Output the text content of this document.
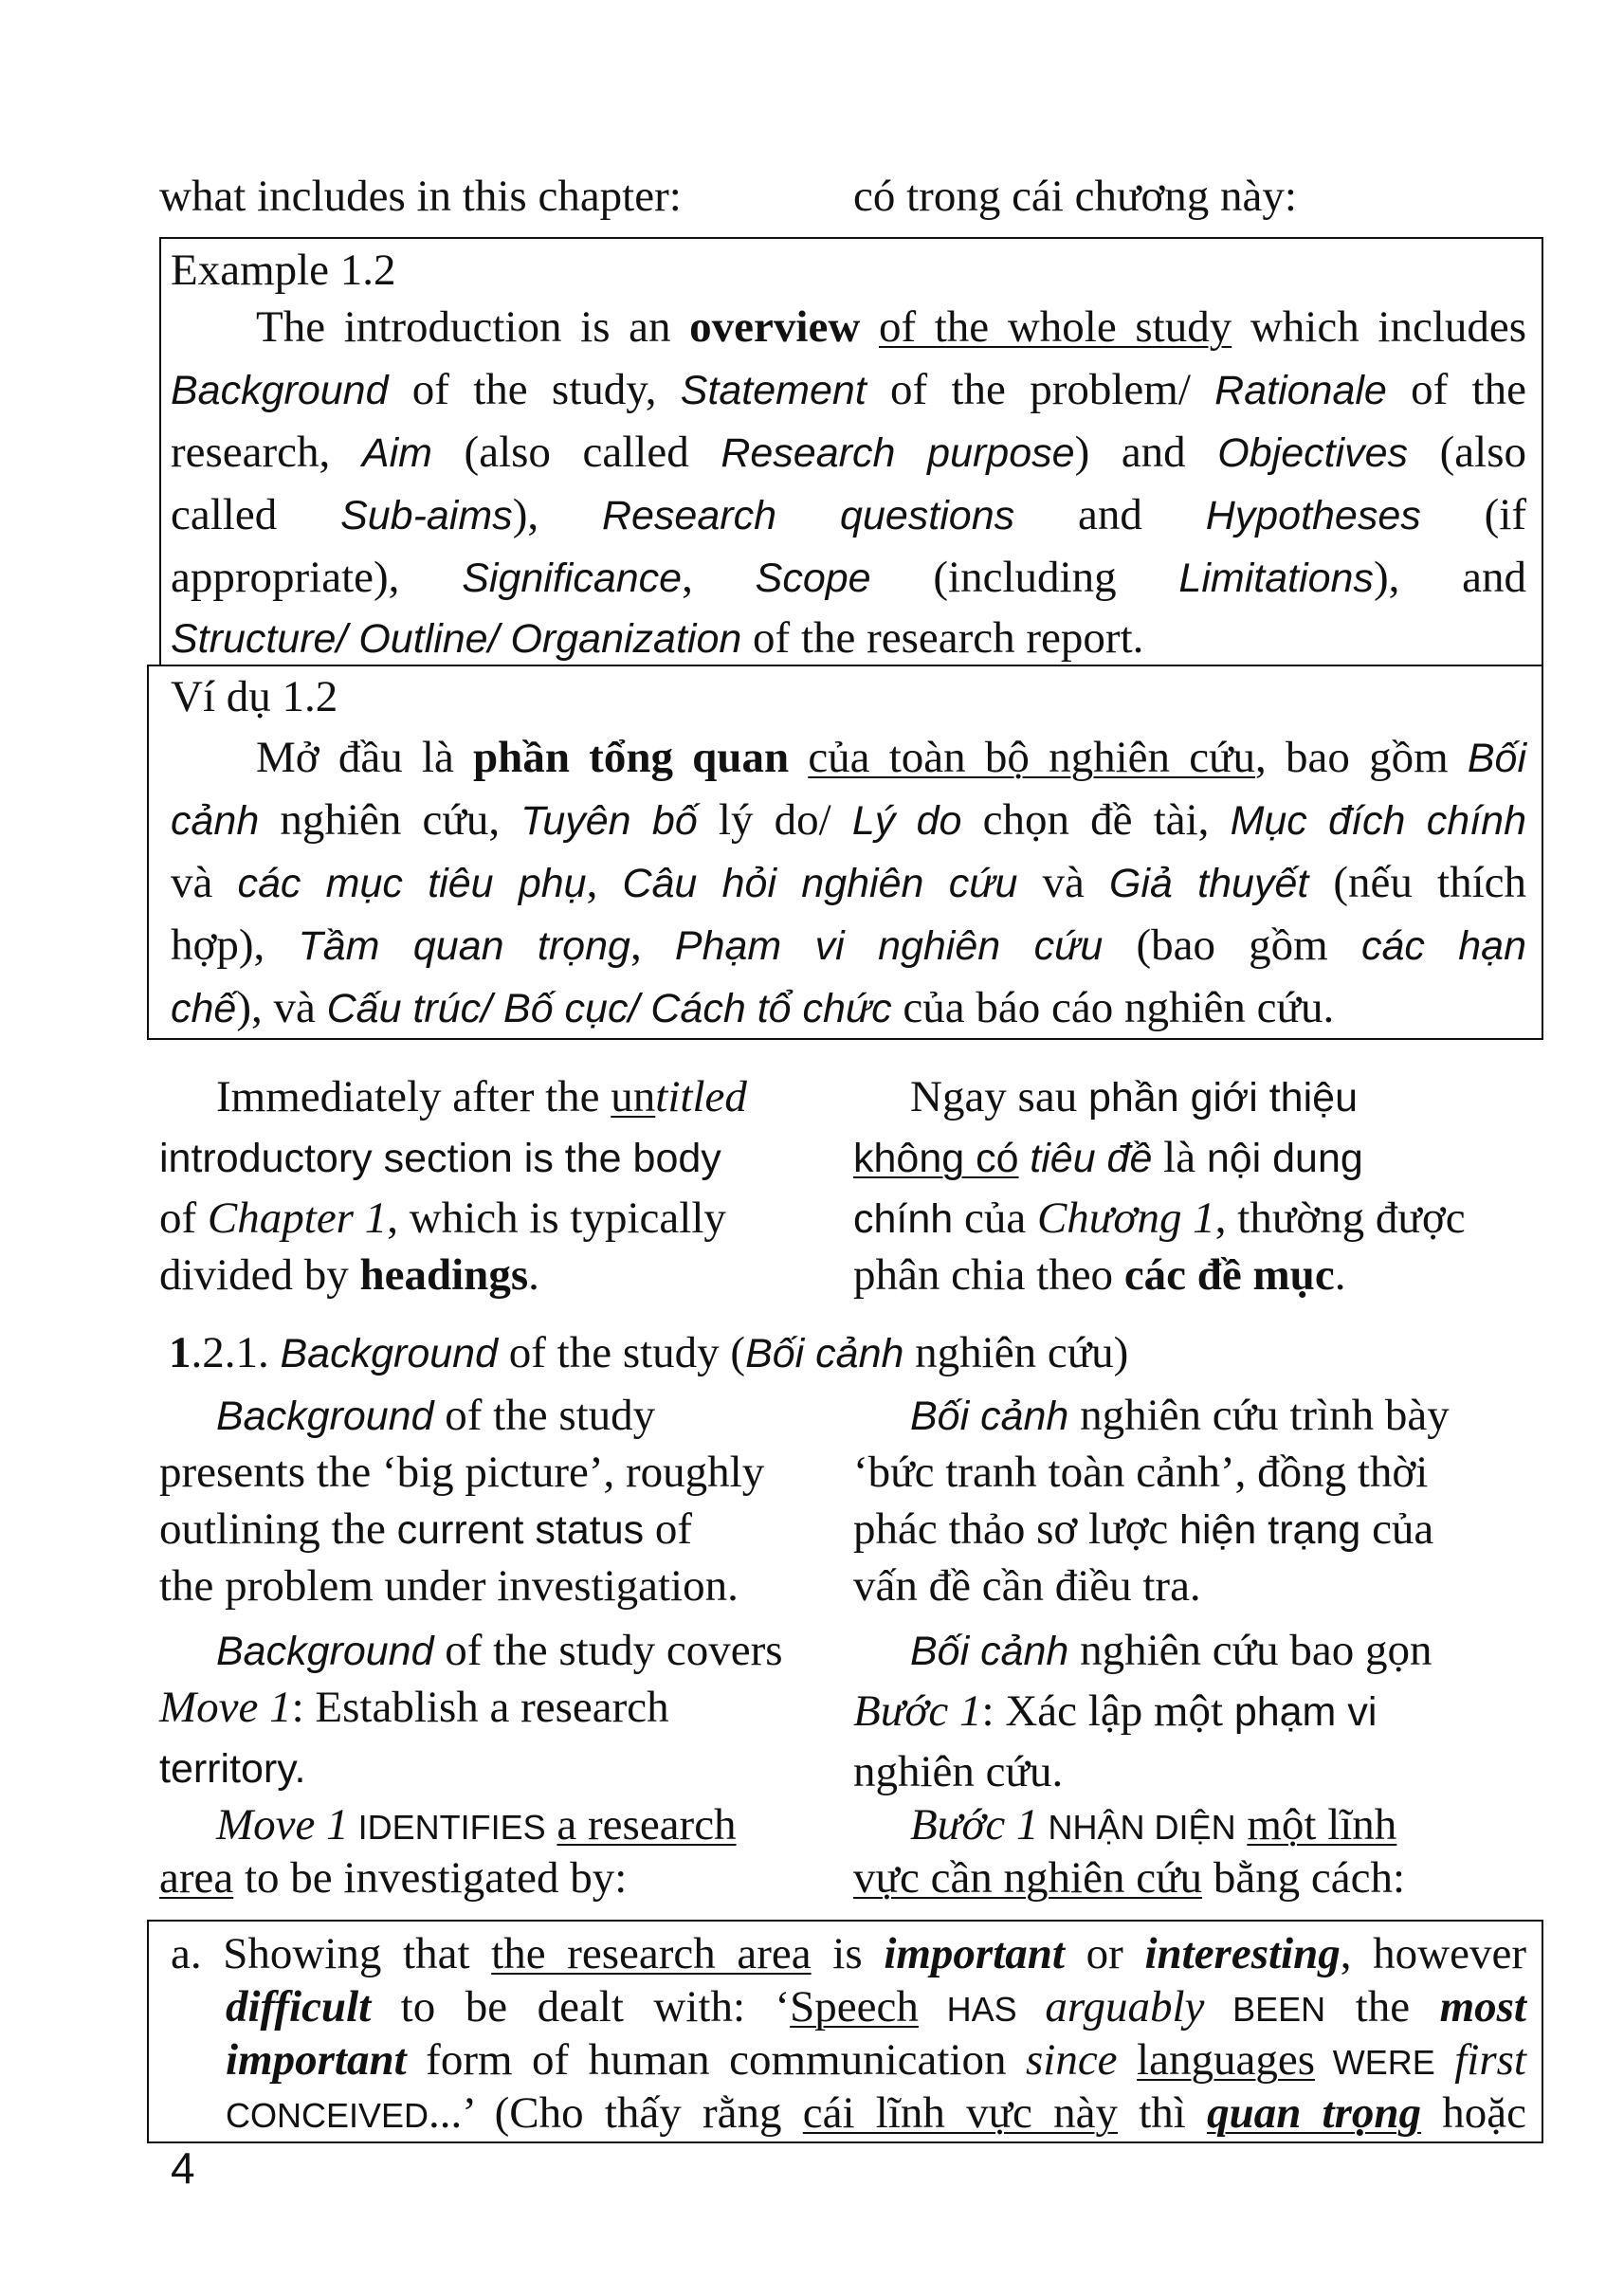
what includes in this chapter:	có trong cái chương này:
Example 1.2
The introduction is an overview of the whole study which includes
Background of the study, Statement of the problem/ Rationale of the
research, Aim (also called Research purpose) and Objectives (also
called Sub-aims), Research questions and Hypotheses (if
appropriate), Significance, Scope (including Limitations), and
Structure/ Outline/ Organization of the research report.
Ví dụ 1.2
Mở đầu là phần tổng quan của toàn bộ nghiên cứu, bao gồm Bối
cảnh nghiên cứu, Tuyên bố lý do/ Lý do chọn đề tài, Mục đích chính
và các mục tiêu phụ, Câu hỏi nghiên cứu và Giả thuyết (nếu thích
hợp), Tầm quan trọng, Phạm vi nghiên cứu (bao gồm các hạn
chế), và Cấu trúc/ Bố cục/ Cách tổ chức của báo cáo nghiên cứu.
Immediately after the untitled
introductory section is the body
of Chapter 1, which is typically
divided by headings.
Ngay sau phần giới thiệu
không có tiêu đề là nội dung
chính của Chương 1, thường được
phân chia theo các đề mục.
1.2.1. Background of the study (Bối cảnh nghiên cứu)
Background of the study
presents the ‘big picture’, roughly
outlining the current status of
the problem under investigation.
Background of the study covers
Move 1: Establish a research
territory.
Move 1 IDENTIFIES a research
area to be investigated by:
Bối cảnh nghiên cứu trình bày
‘bức tranh toàn cảnh’, đồng thời
phác thảo sơ lược hiện trạng của
vấn đề cần điều tra.
Bối cảnh nghiên cứu bao gọn
Bước 1: Xác lập một phạm vi
nghiên cứu.
Bước 1 NHẬN DIỆN một lĩnh
vực cần nghiên cứu bằng cách:
a. Showing that the research area is important or interesting, however
difficult to be dealt with: ‘Speech HAS arguably BEEN the most
important form of human communication since languages WERE first
CONCEIVED...’ (Cho thấy rằng cái lĩnh vực này thì quan trọng hoặc
4
